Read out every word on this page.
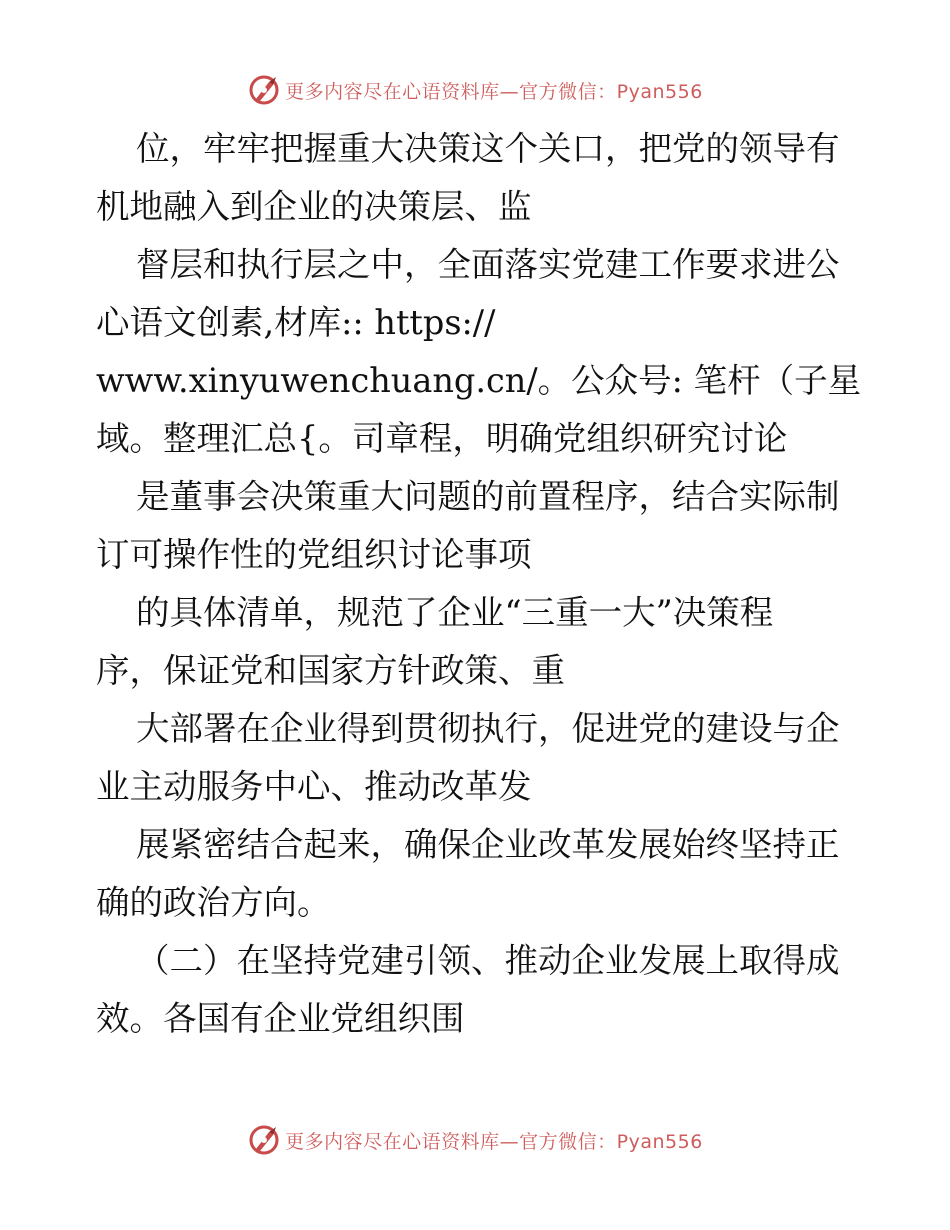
更多内容尽在心语资料库—官方微信：Pyan556
位，牢牢把握重大决策这个关口，把党的领导有
机地融入到企业的决策层、监
督层和执行层之中，全面落实党建工作要求进公
心语文创素,材库:: https://
www.xinyuwenchuang.cn/。公众号: 笔杆（子星
域。整理汇总{。司章程，明确党组织研究讨论
是董事会决策重大问题的前置程序，结合实际制
订可操作性的党组织讨论事项
的具体清单，规范了企业“三重一大”决策程
序，保证党和国家方针政策、重
大部署在企业得到贯彻执行，促进党的建设与企
业主动服务中心、推动改革发
展紧密结合起来，确保企业改革发展始终坚持正
确的政治方向。
（二）在坚持党建引领、推动企业发展上取得成
效。各国有企业党组织围
更多内容尽在心语资料库—官方微信：Pyan556
